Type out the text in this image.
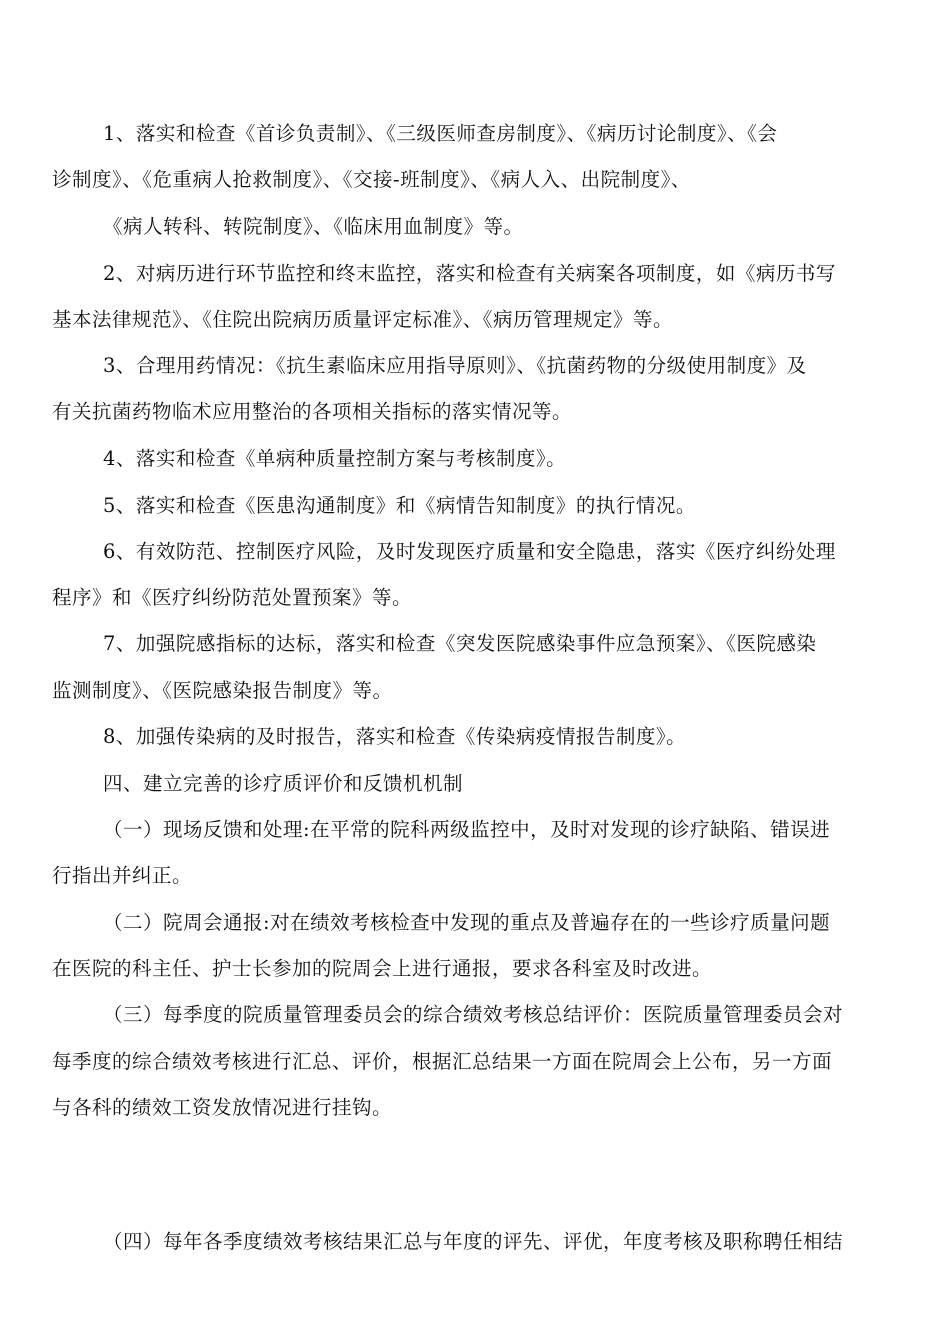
1、落实和检查《首诊负责制》、《三级医师查房制度》、《病历讨论制度》、《会
诊制度》、《危重病人抢救制度》、《交接-班制度》、《病人入、出院制度》、
《病人转科、转院制度》、《临床用血制度》等。
2、对病历进行环节监控和终末监控，落实和检查有关病案各项制度，如《病历书写
基本法律规范》、《住院出院病历质量评定标准》、《病历管理规定》等。
3、合理用药情况：《抗生素临床应用指导原则》、《抗菌药物的分级使用制度》及
有关抗菌药物临术应用整治的各项相关指标的落实情况等。
4、落实和检查《单病种质量控制方案与考核制度》。
5、落实和检查《医患沟通制度》和《病情告知制度》的执行情况。
6、有效防范、控制医疗风险，及时发现医疗质量和安全隐患，落实《医疗纠纷处理
程序》和《医疗纠纷防范处置预案》等。
7、加强院感指标的达标，落实和检查《突发医院感染事件应急预案》、《医院感染
监测制度》、《医院感染报告制度》等。
8、加强传染病的及时报告，落实和检查《传染病疫情报告制度》。
四、建立完善的诊疗质评价和反馈机机制
（一）现场反馈和处理:在平常的院科两级监控中，及时对发现的诊疗缺陷、错误进
行指出并纠正。
（二）院周会通报:对在绩效考核检查中发现的重点及普遍存在的一些诊疗质量问题
在医院的科主任、护士长参加的院周会上进行通报，要求各科室及时改进。
（三）每季度的院质量管理委员会的综合绩效考核总结评价：医院质量管理委员会对
每季度的综合绩效考核进行汇总、评价，根据汇总结果一方面在院周会上公布，另一方面
与各科的绩效工资发放情况进行挂钩。
（四）每年各季度绩效考核结果汇总与年度的评先、评优，年度考核及职称聘任相结
